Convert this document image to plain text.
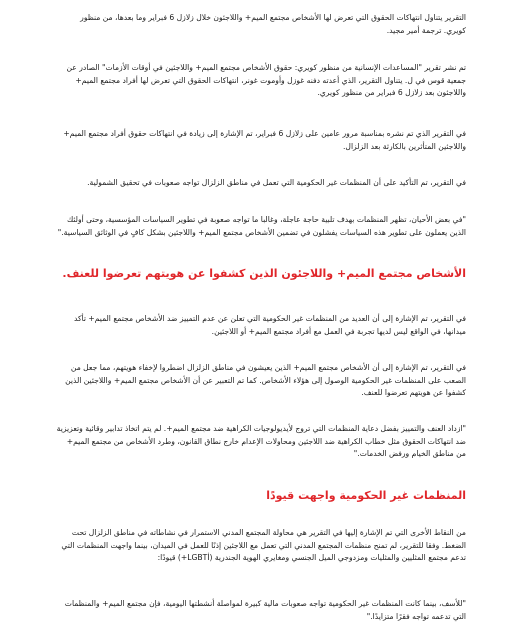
التقرير يتناول انتهاكات الحقوق التي تعرض لها الأشخاص مجتمع الميم+ واللاجئون خلال زلازل 6 فبراير وما بعدها، من منظور كويري. ترجمة أمير مجيد.

تم نشر تقرير "المساعدات الإنسانية من منظور كويري: حقوق الأشخاص مجتمع الميم+ واللاجئين في أوقات الأزمات" الصادر عن جمعية قوس في ل. يتناول التقرير، الذي أعدته دفنه غوزل وأوموت غونر، انتهاكات الحقوق التي تعرض لها أفراد مجتمع الميم+ واللاجئون بعد زلازل 6 فبراير من منظور كويري.

في التقرير الذي تم نشره بمناسبة مرور عامين على زلازل 6 فبراير، تم الإشارة إلى زيادة في انتهاكات حقوق أفراد مجتمع الميم+ واللاجئين المتأثرين بالكارثة بعد الزلزال.

في التقرير، تم التأكيد على أن المنظمات غير الحكومية التي تعمل في مناطق الزلزال تواجه صعوبات في تحقيق الشمولية.

"في بعض الأحيان، تظهر المنظمات بهدف تلبية حاجة عاجلة، وغالبا ما تواجه صعوبة في تطوير السياسات المؤسسية، وحتى أولئك الذين يعملون على تطوير هذه السياسات يفشلون في تضمين الأشخاص مجتمع الميم+ واللاجئين بشكل كافٍ في الوثائق السياسية."

الأشخاص مجتمع الميم+ واللاجئون الذين كشفوا عن هويتهم تعرضوا للعنف.

في التقرير، تم الإشارة إلى أن العديد من المنظمات غير الحكومية التي تعلن عن عدم التمييز ضد الأشخاص مجتمع الميم+ تأكد ميدانها، في الواقع ليس لديها تجربة في العمل مع أفراد مجتمع الميم+ أو اللاجئين.

في التقرير، تم الإشارة إلى أن الأشخاص مجتمع الميم+ الذين يعيشون في مناطق الزلزال اضطروا لإخفاء هويتهم، مما جعل من الصعب على المنظمات غير الحكومية الوصول إلى هؤلاء الأشخاص. كما تم التعبير عن أن الأشخاص مجتمع الميم+ واللاجئين الذين كشفوا عن هويتهم تعرضوا للعنف.

"ازداد العنف والتمييز بفضل دعاية المنظمات التي تروج لأيديولوجيات الكراهية ضد مجتمع الميم+. لم يتم اتخاذ تدابير وقائية وتعزيزية ضد انتهاكات الحقوق مثل خطاب الكراهية ضد اللاجئين ومحاولات الإعدام خارج نطاق القانون، وطرد الأشخاص من مجتمع الميم+ من مناطق الخيام ورفض الخدمات."

المنظمات غير الحكومية واجهت قيودًا

من النقاط الأخرى التي تم الإشارة إليها في التقرير هي محاولة المجتمع المدني الاستمرار في نشاطاته في مناطق الزلزال تحت الضغط. وفقا للتقرير، لم تمنح منظمات المجتمع المدني التي تعمل مع اللاجئين إذنًا للعمل في الميدان، بينما واجهت المنظمات التي تدعم مجتمع المثليين والمثليات ومزدوجي الميل الجنسي ومغايري الهوية الجندرية (LGBTİ+) قيودًا:

"للأسف، بينما كانت المنظمات غير الحكومية تواجه صعوبات مالية كبيرة لمواصلة أنشطتها اليومية، فإن مجتمع الميم+ والمنظمات التي تدعمه تواجه فقرًا متزايدًا."
